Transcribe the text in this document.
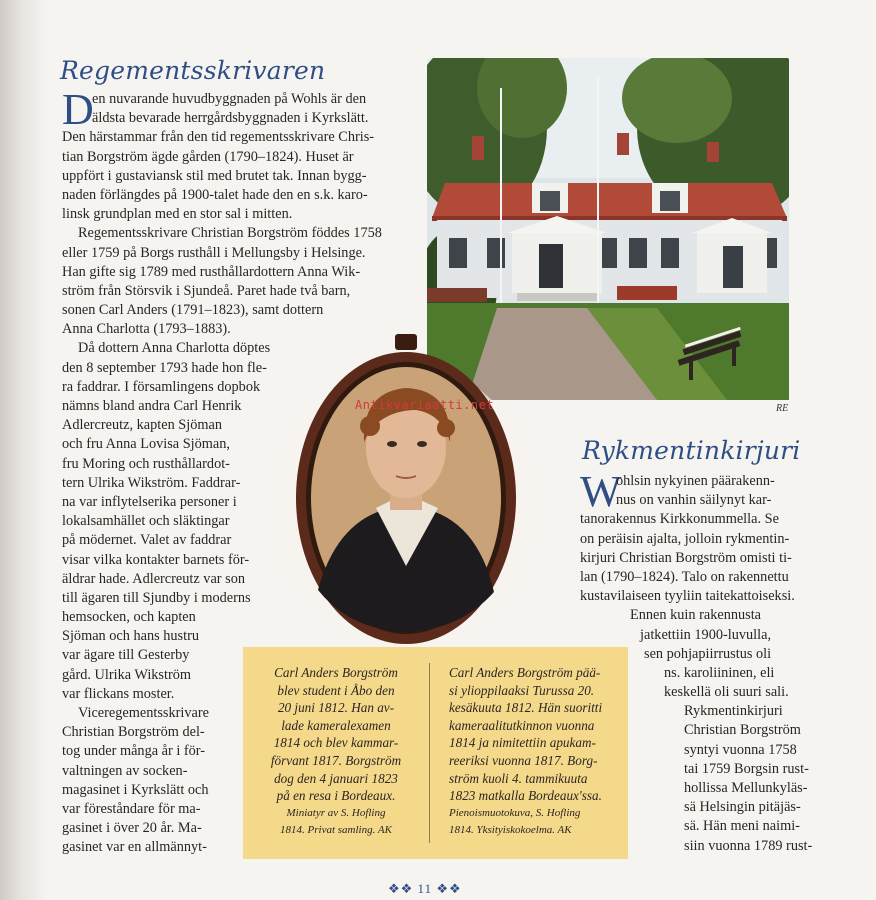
Regementsskrivaren
D
en nuvarande huvudbyggnaden på Wohls är den
äldsta bevarade herrgårdsbyggnaden i Kyrkslätt.
Den härstammar från den tid regementsskrivare Chris-
tian Borgström ägde gården (1790–1824). Huset är
uppfört i gustaviansk stil med brutet tak. Innan bygg-
naden förlängdes på 1900-talet hade den en s.k. karo-
linsk grundplan med en stor sal i mitten.
Regementsskrivare Christian Borgström föddes 1758
eller 1759 på Borgs rusthåll i Mellungsby i Helsinge.
Han gifte sig 1789 med rusthållardottern Anna Wik-
ström från Störsvik i Sjundeå. Paret hade två barn,
sonen Carl Anders (1791–1823), samt dottern
Anna Charlotta (1793–1883).
Då dottern Anna Charlotta döptes
den 8 september 1793 hade hon fle-
ra faddrar. I församlingens dopbok
nämns bland andra Carl Henrik
Adlercreutz, kapten Sjöman
och fru Anna Lovisa Sjöman,
fru Moring och rusthållardot-
tern Ulrika Wikström. Faddrar-
na var inflytelserika personer i
lokalsamhället och släktingar
på mödernet. Valet av faddrar
visar vilka kontakter barnets för-
äldrar hade. Adlercreutz var son
till ägaren till Sjundby i moderns
hemsocken, och kapten
Sjöman och hans hustru
var ägare till Gesterby
gård. Ulrika Wikström
var flickans moster.
Viceregementsskrivare
Christian Borgström del-
tog under många år i för-
valtningen av socken-
magasinet i Kyrkslätt och
var föreståndare för ma-
gasinet i över 20 år. Ma-
gasinet var en allmännyt-
RE
Antikvariaatti.net
Rykmentinkirjuri
W
ohlsin nykyinen päärakenn-
nus on vanhin säilynyt kar-
tanorakennus Kirkkonummella. Se
on peräisin ajalta, jolloin rykmentin-
kirjuri Christian Borgström omisti ti-
lan (1790–1824). Talo on rakennettu
kustavilaiseen tyyliin taitekattoiseksi.
Ennen kuin rakennusta
jatkettiin 1900-luvulla,
sen pohjapiirrustus oli
ns. karoliininen, eli
keskellä oli suuri sali.
Rykmentinkirjuri
Christian Borgström
syntyi vuonna 1758
tai 1759 Borgsin rust-
hollissa Mellunkyläs-
sä Helsingin pitäjäs-
sä. Hän meni naimi-
siin vuonna 1789 rust-
Carl Anders Borgström
blev student i Åbo den
20 juni 1812. Han av-
lade kameralexamen
1814 och blev kammar-
förvant 1817. Borgström
dog den 4 januari 1823
på en resa i Bordeaux.
Miniatyr av S. Hofling
1814. Privat samling. AK
Carl Anders Borgström pää-
si ylioppilaaksi Turussa 20.
kesäkuuta 1812. Hän suoritti
kameraalitutkinnon vuonna
1814 ja nimitettiin apukam-
reeriksi vuonna 1817. Borg-
ström kuoli 4. tammikuuta
1823 matkalla Bordeaux'ssa.
Pienoismuotokuva, S. Hofling
1814. Yksityiskokoelma. AK
❖❖ 11 ❖❖
